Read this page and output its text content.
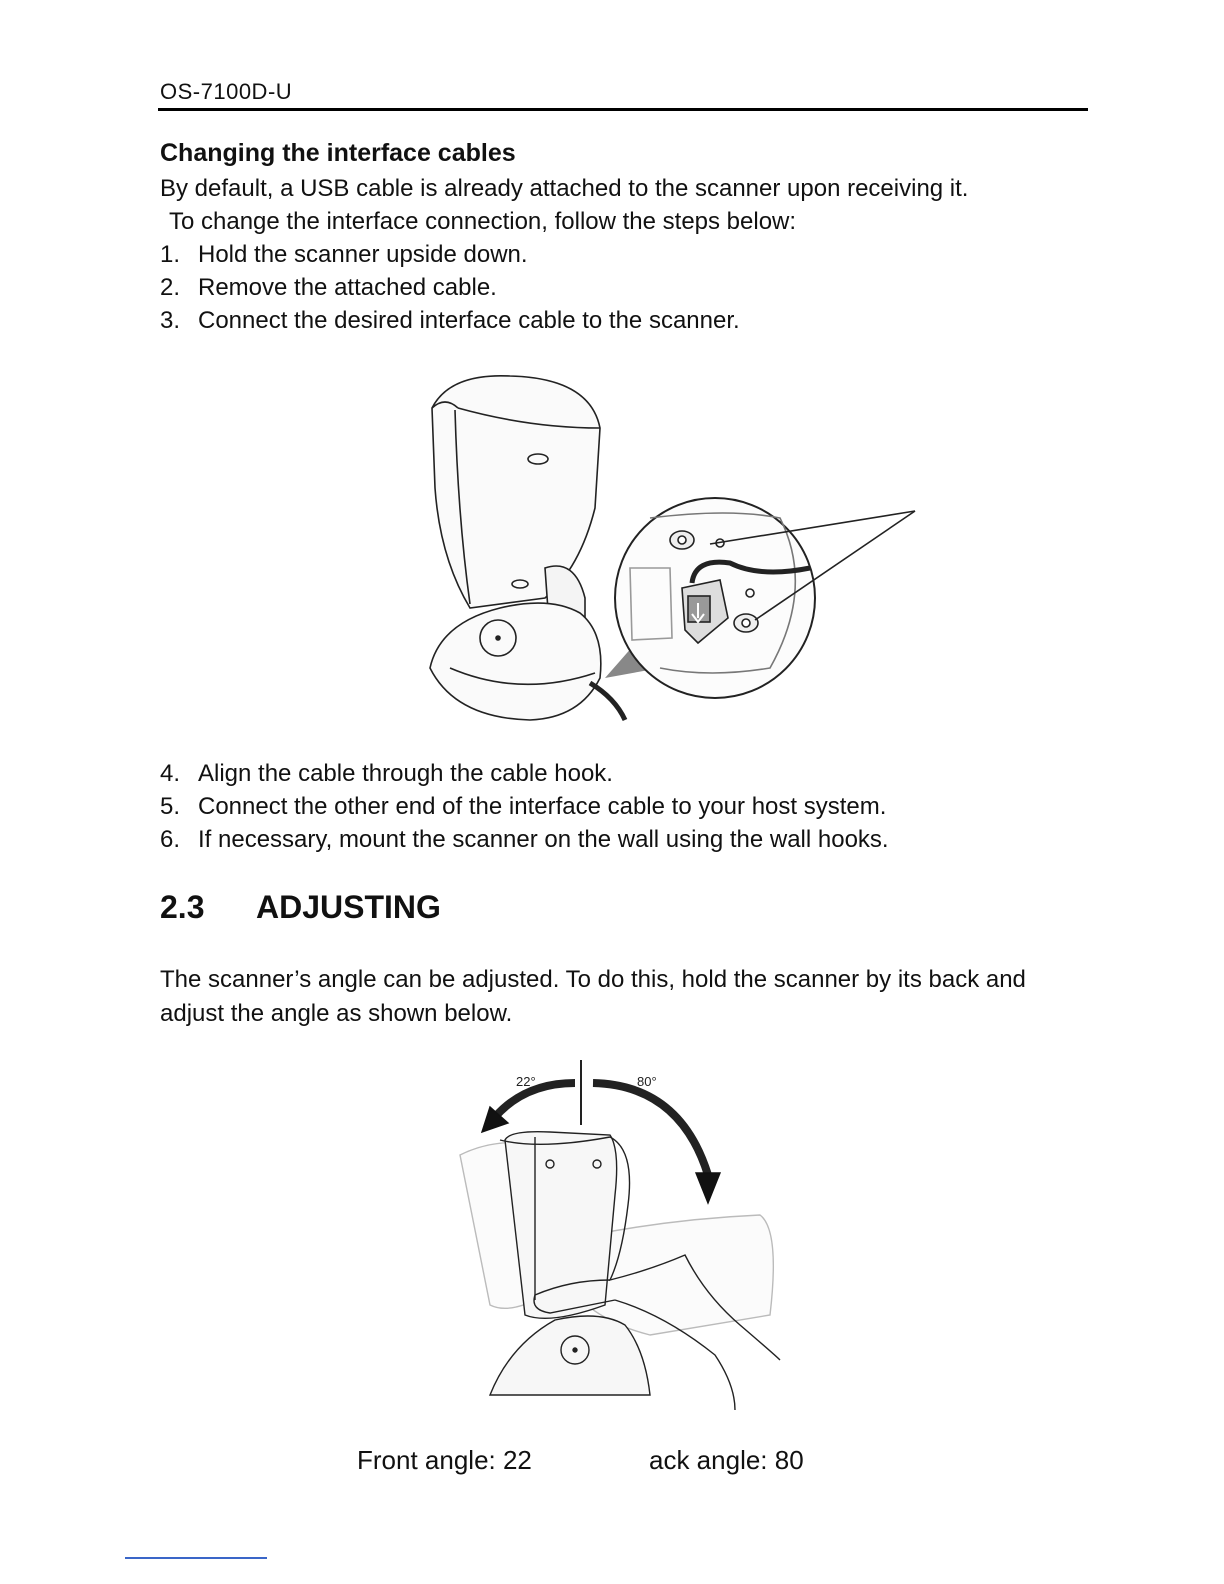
OS-7100D-U
Changing the interface cables
By default, a USB cable is already attached to the scanner upon receiving it.
To change the interface connection, follow the steps below:
1. Hold the scanner upside down.
2. Remove the attached cable.
3. Connect the desired interface cable to the scanner.
4. Align the cable through the cable hook.
5. Connect the other end of the interface cable to your host system.
6. If necessary, mount the scanner on the wall using the wall hooks.
2.3 ADJUSTING
The scanner’s angle can be adjusted. To do this, hold the scanner by its back and adjust the angle as shown below.
22°	80°
Front angle: 22	ack angle: 80
